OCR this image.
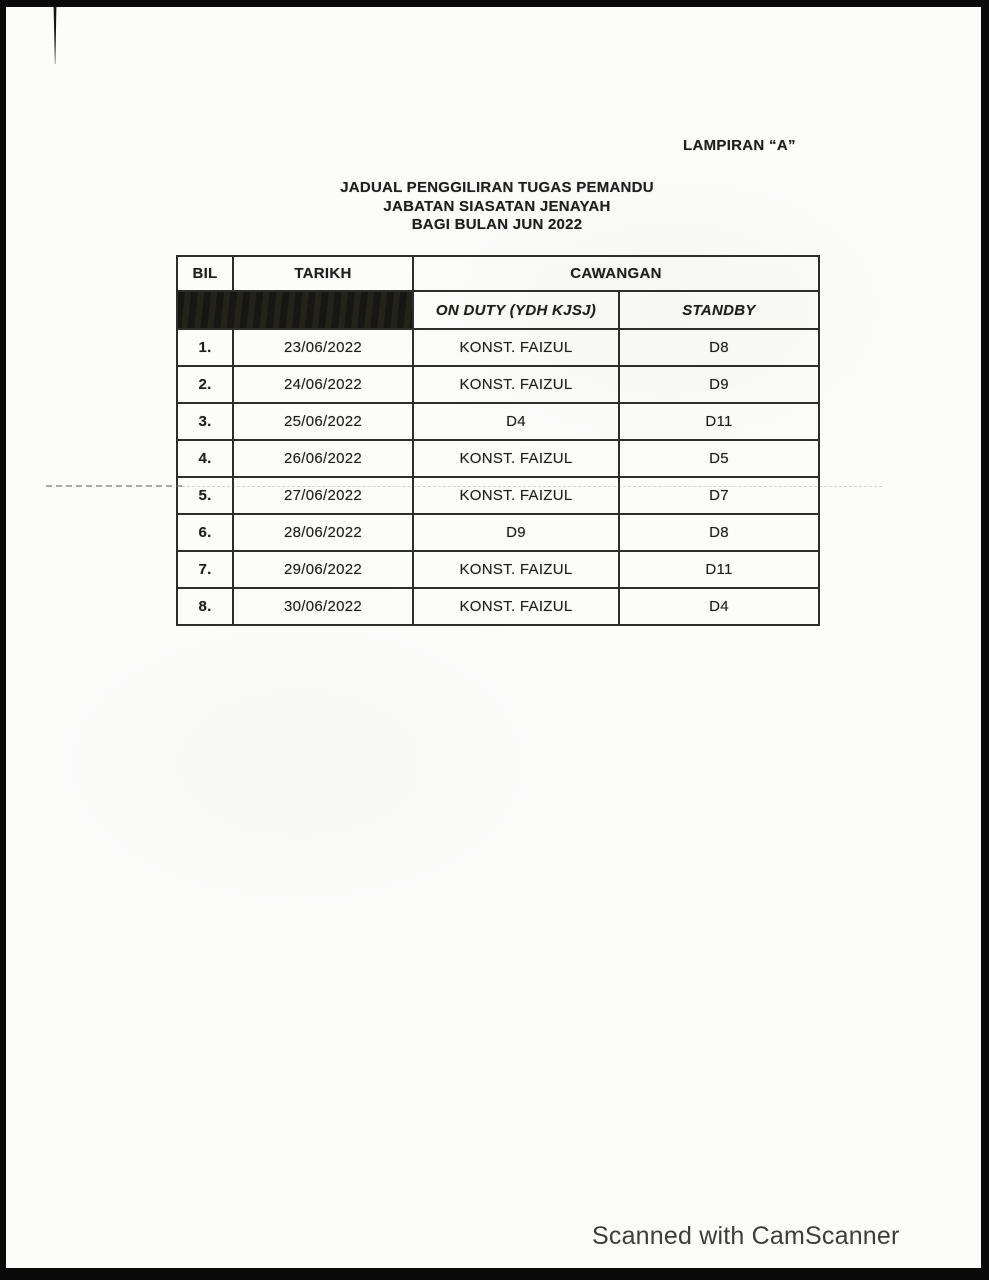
LAMPIRAN “A”
JADUAL PENGGILIRAN TUGAS PEMANDU
JABATAN SIASATAN JENAYAH
BAGI BULAN JUN 2022
BIL	TARIKH	CAWANGAN	
		ON DUTY (YDH KJSJ)	STANDBY
1.	23/06/2022	KONST. FAIZUL	D8
2.	24/06/2022	KONST. FAIZUL	D9
3.	25/06/2022	D4	D11
4.	26/06/2022	KONST. FAIZUL	D5
5.	27/06/2022	KONST. FAIZUL	D7
6.	28/06/2022	D9	D8
7.	29/06/2022	KONST. FAIZUL	D11
8.	30/06/2022	KONST. FAIZUL	D4
Scanned with CamScanner
